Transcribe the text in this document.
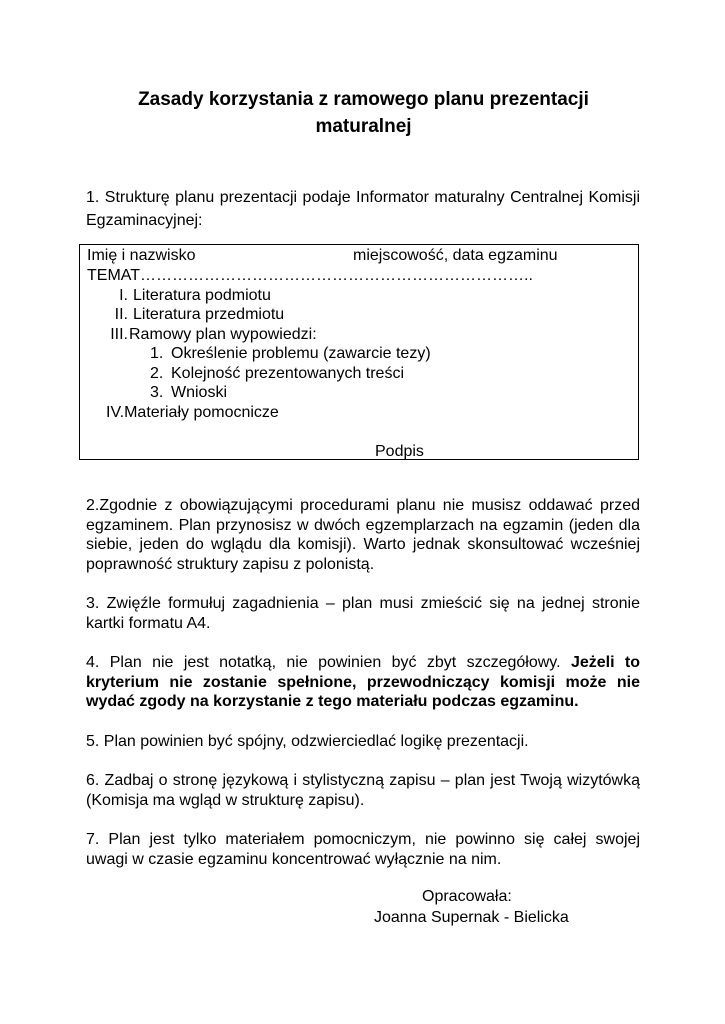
Zasady korzystania z ramowego planu prezentacji
maturalnej
1. Strukturę planu prezentacji podaje Informator maturalny Centralnej Komisji Egzaminacyjnej:
Imię i nazwisko	miejscowość, data egzaminu
TEMAT………………………………………………………………..
I. Literatura podmiotu
II. Literatura przedmiotu
III.Ramowy plan wypowiedzi:
1. Określenie problemu (zawarcie tezy)
2. Kolejność prezentowanych treści
3. Wnioski
IV.Materiały pomocnicze
Podpis
2.Zgodnie z obowiązującymi procedurami planu nie musisz oddawać przed egzaminem. Plan przynosisz w dwóch egzemplarzach na egzamin (jeden dla siebie, jeden do wglądu dla komisji). Warto jednak skonsultować wcześniej poprawność struktury zapisu z polonistą.
3. Zwięźle formułuj zagadnienia – plan musi zmieścić się na jednej stronie kartki formatu A4.
4. Plan nie jest notatką, nie powinien być zbyt szczegółowy. Jeżeli to kryterium nie zostanie spełnione, przewodniczący komisji może nie wydać zgody na korzystanie z tego materiału podczas egzaminu.
5. Plan powinien być spójny, odzwierciedlać logikę prezentacji.
6. Zadbaj o stronę językową i stylistyczną zapisu – plan jest Twoją wizytówką (Komisja ma wgląd w strukturę zapisu).
7. Plan jest tylko materiałem pomocniczym, nie powinno się całej swojej uwagi w czasie egzaminu koncentrować wyłącznie na nim.
Opracowała:
Joanna Supernak - Bielicka
